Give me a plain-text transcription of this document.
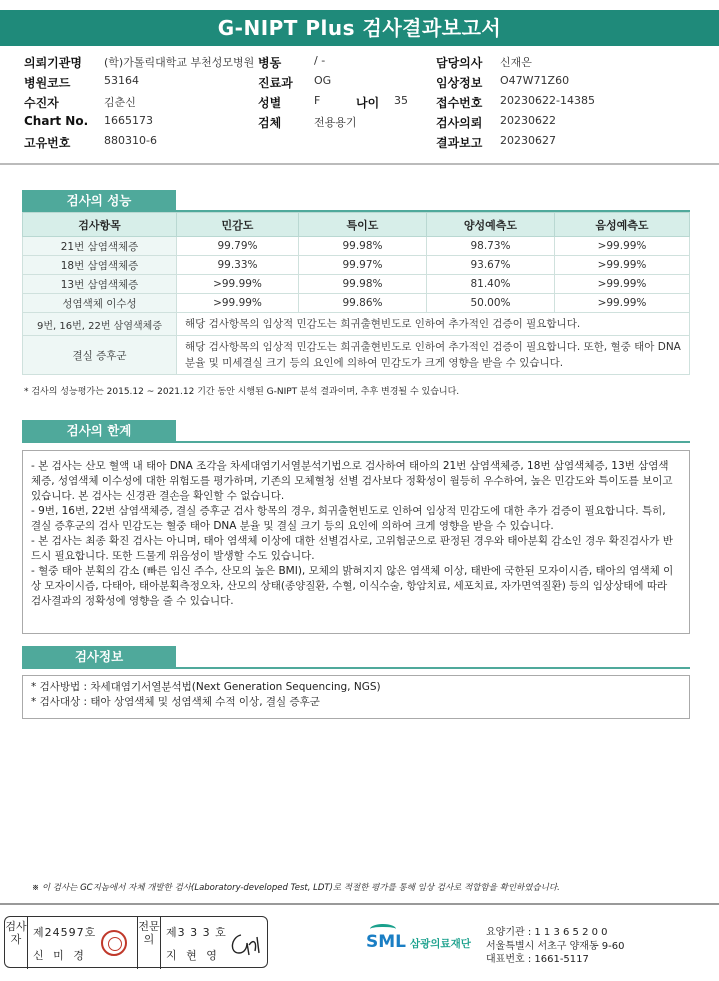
G-NIPT Plus 검사결과보고서
의뢰기관명 (학)가톨릭대학교 부천성모병원 병동	/ -	담당의사 신재은
병원코드	53164	진료과 OG	임상정보 O47W71Z60
수진자	김춘신	성별	F	나이 35 접수번호 20230622-14385
Chart No. 1665173	검체	전용용기	검사의뢰 20230622
고유번호	880310-6	결과보고 20230627
검사의 성능
검사항목	민감도	특이도	양성예측도	음성예측도
21번 삼염색체증	99.79%	99.98%	98.73%	>99.99%
18번 삼염색체증	99.33%	99.97%	93.67%	>99.99%
13번 삼염색체증	>99.99%	99.98%	81.40%	>99.99%
성염색체 이수성	>99.99%	99.86%	50.00%	>99.99%
9번, 16번, 22번 삼염색체증	해당 검사항목의 임상적 민감도는 희귀출현빈도로 인하여 추가적인 검증이 필요합니다.			
결실 증후군	해당 검사항목의 임상적 민감도는 희귀출현빈도로 인하여 추가적인 검증이 필요합니다. 또한, 혈중 태아 DNA 분율 및 미세결실 크기 등의 요인에 의하여 민감도가 크게 영향을 받을 수 있습니다.			
* 검사의 성능평가는 2015.12 ~ 2021.12 기간 동안 시행된 G-NIPT 분석 결과이며, 추후 변경될 수 있습니다.
검사의 한계

- 본 검사는 산모 혈액 내 태아 DNA 조각을 차세대염기서열분석기법으로 검사하여 태아의 21번 삼염색체증, 18번 삼염색체증, 13번 삼염색체증, 성염색체 이수성에 대한 위험도를 평가하며, 기존의 모체혈청 선별 검사보다 정확성이 월등히 우수하여, 높은 민감도와 특이도를 보이고 있습니다. 본 검사는 신경관 결손을 확인할 수 없습니다.

- 9번, 16번, 22번 삼염색체증, 결실 증후군 검사 항목의 경우, 희귀출현빈도로 인하여 임상적 민감도에 대한 추가 검증이 필요합니다. 특히, 결실 증후군의 검사 민감도는 혈중 태아 DNA 분율 및 결실 크기 등의 요인에 의하여 크게 영향을 받을 수 있습니다.

- 본 검사는 최종 확진 검사는 아니며, 태아 염색체 이상에 대한 선별검사로, 고위험군으로 판정된 경우와 태아분획 감소인 경우 확진검사가 반드시 필요합니다. 또한 드물게 위음성이 발생할 수도 있습니다.

- 혈중 태아 분획의 감소 (빠른 임신 주수, 산모의 높은 BMI), 모체의 밝혀지지 않은 염색체 이상, 태반에 국한된 모자이시즘, 태아의 염색체 이상 모자이시즘, 다태아, 태아분획측정오차, 산모의 상태(종양질환, 수혈, 이식수술, 항암치료, 세포치료, 자가면역질환) 등의 임상상태에 따라 검사결과의 정확성에 영향을 줄 수 있습니다.

검사정보

* 검사방법 : 차세대염기서열분석법(Next Generation Sequencing, NGS)

* 검사대상 : 태아 상염색체 및 성염색체 수적 이상, 결실 증후군

※ 이 검사는 GC지놈에서 자체 개발한 검사(Laboratory-developed Test, LDT)로 적절한 평가를 통해 임상 검사로 적합함을 확인하였습니다.
검사자
제24597호
신 미 경
전문의
제3 3 3 호
지 현 영
SML 삼광의료재단
요양기관 : 1 1 3 6 5 2 0 0
서울특별시 서초구 양재동 9-60
대표번호 : 1661-5117
